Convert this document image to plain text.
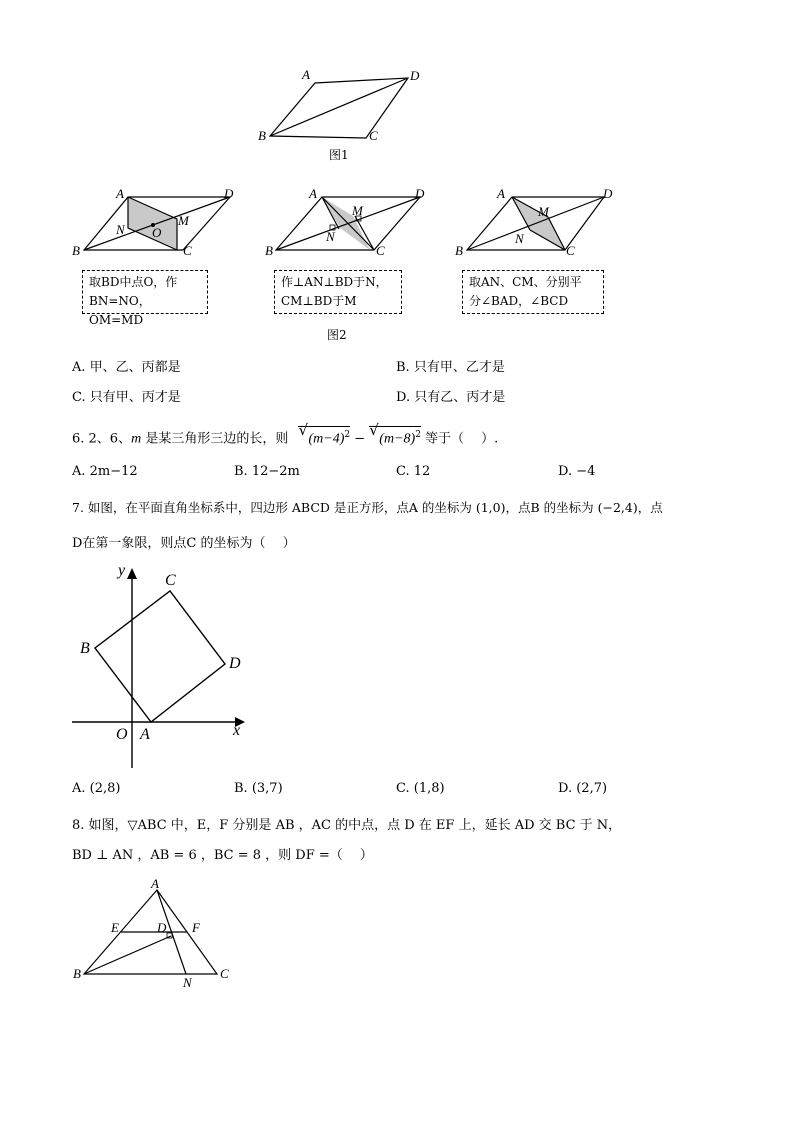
A	D
B	C
图1
A	D
B	C
N O
M
取BD中点O，作
BN=NO，OM=MD
A	D
B	C
N
M
作⊥AN⊥BD于N，
CM⊥BD于M
A	D
B	C
N
M
取AN、CM、分别平
分∠BAD，∠BCD
图2
A. 甲、乙、丙都是	B. 只有甲、乙才是
C. 只有甲、丙才是	D. 只有乙、丙才是
6. 2、6、m 是某三角形三边的长，则 √ $(m-4)^2$ − √ $(m-8)^2$ 等于（　 ）.
A. 2m−12	B. 12−2m	C. 12	D. −4
7. 如图，在平面直角坐标系中，四边形 ABCD 是正方形，点A 的坐标为 (1,0)，点B 的坐标为 (−2,4)，点
D在第一象限，则点C 的坐标为（　 ）
y
x
O A
B
C
D
A. (2,8)	B. (3,7)	C. (1,8)	D. (2,7)
8. 如图，▽ABC 中，E，F 分别是 AB ，AC 的中点，点 D 在 EF 上，延长 AD 交 BC 于 N，
BD ⊥ AN ，AB = 6 ，BC = 8 ，则 DF =（　 ）
A
E	D F
B	C
N
